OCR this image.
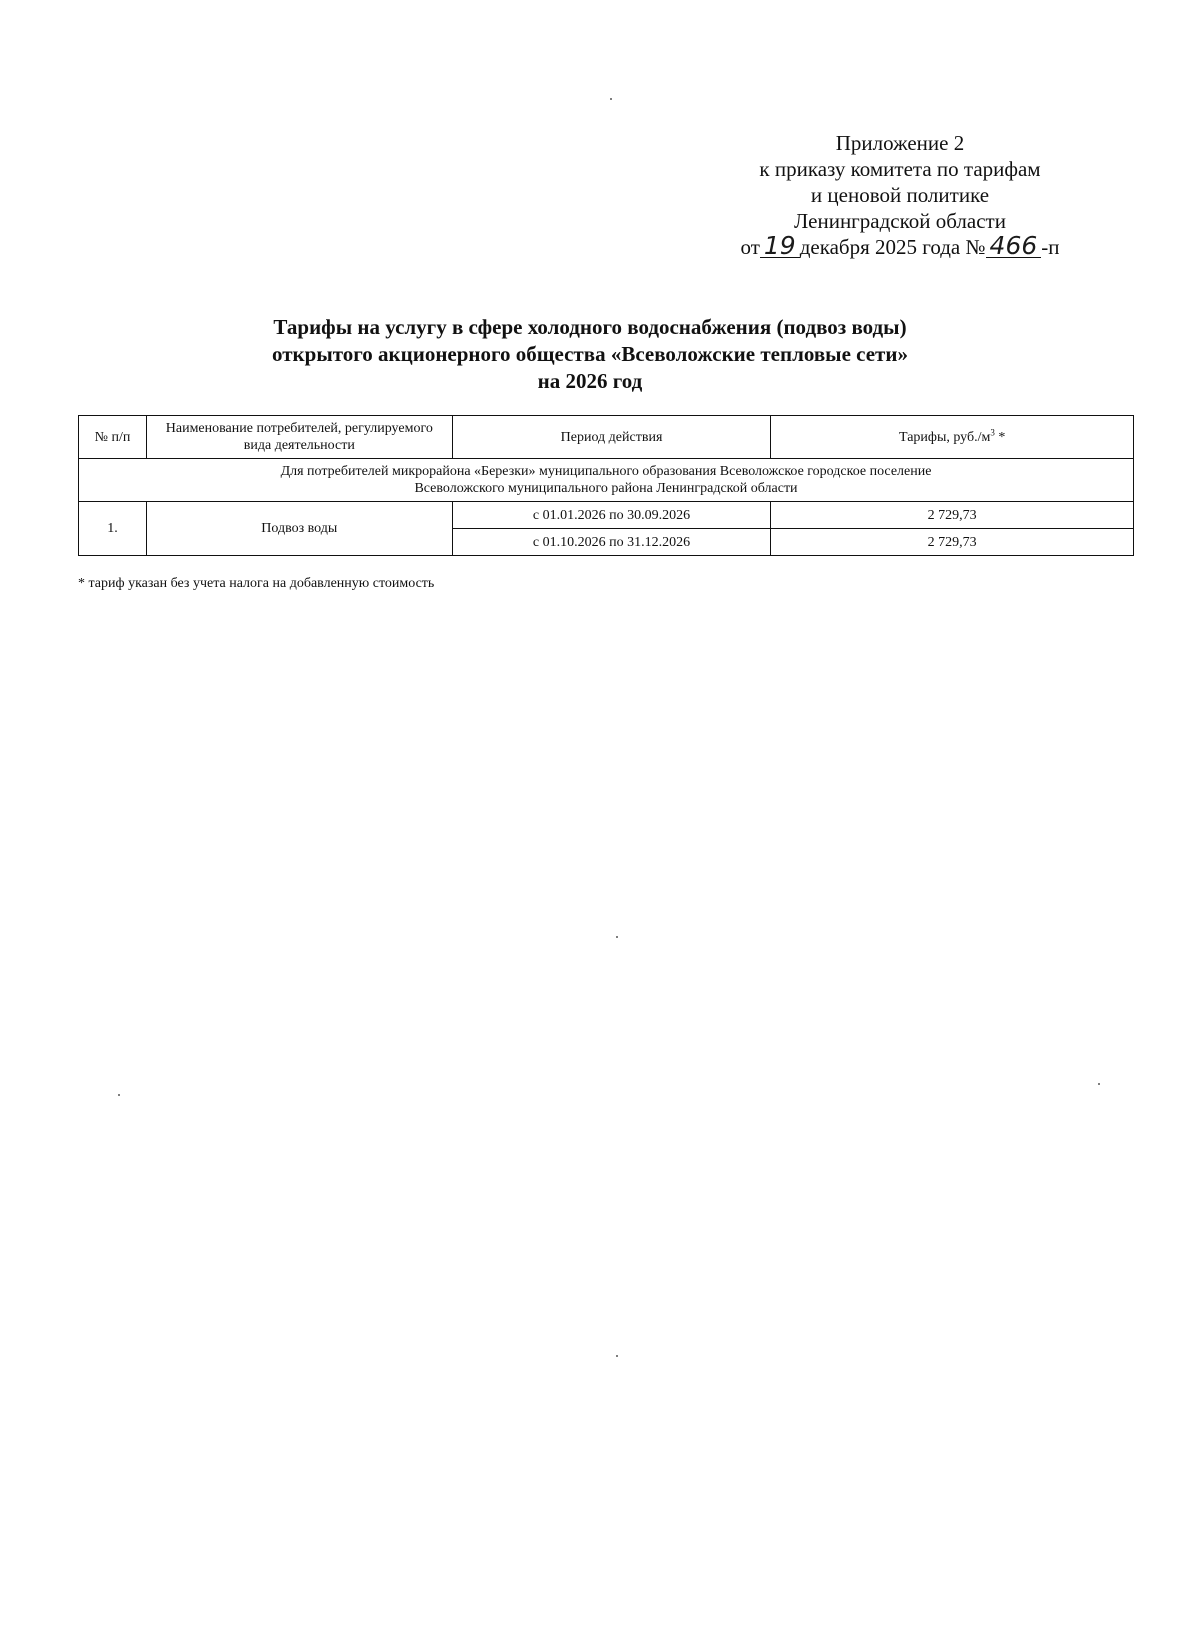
Приложение 2
к приказу комитета по тарифам
и ценовой политике
Ленинградской области
от 19 декабря 2025 года № 466 -п
Тарифы на услугу в сфере холодного водоснабжения (подвоз воды)
открытого акционерного общества «Всеволожские тепловые сети»
на 2026 год
№ п/п	Наименование потребителей, регулируемого вида деятельности	Период действия	Тарифы, $руб./м^3$ *

Для потребителей микрорайона «Березки» муниципального образования Всеволожское городское поселение
Всеволожского муниципального района Ленинградской области			

1.	Подвоз воды	с 01.01.2026 по 30.09.2026	2 729,73
		с 01.10.2026 по 31.12.2026	2 729,73
* тариф указан без учета налога на добавленную стоимость
